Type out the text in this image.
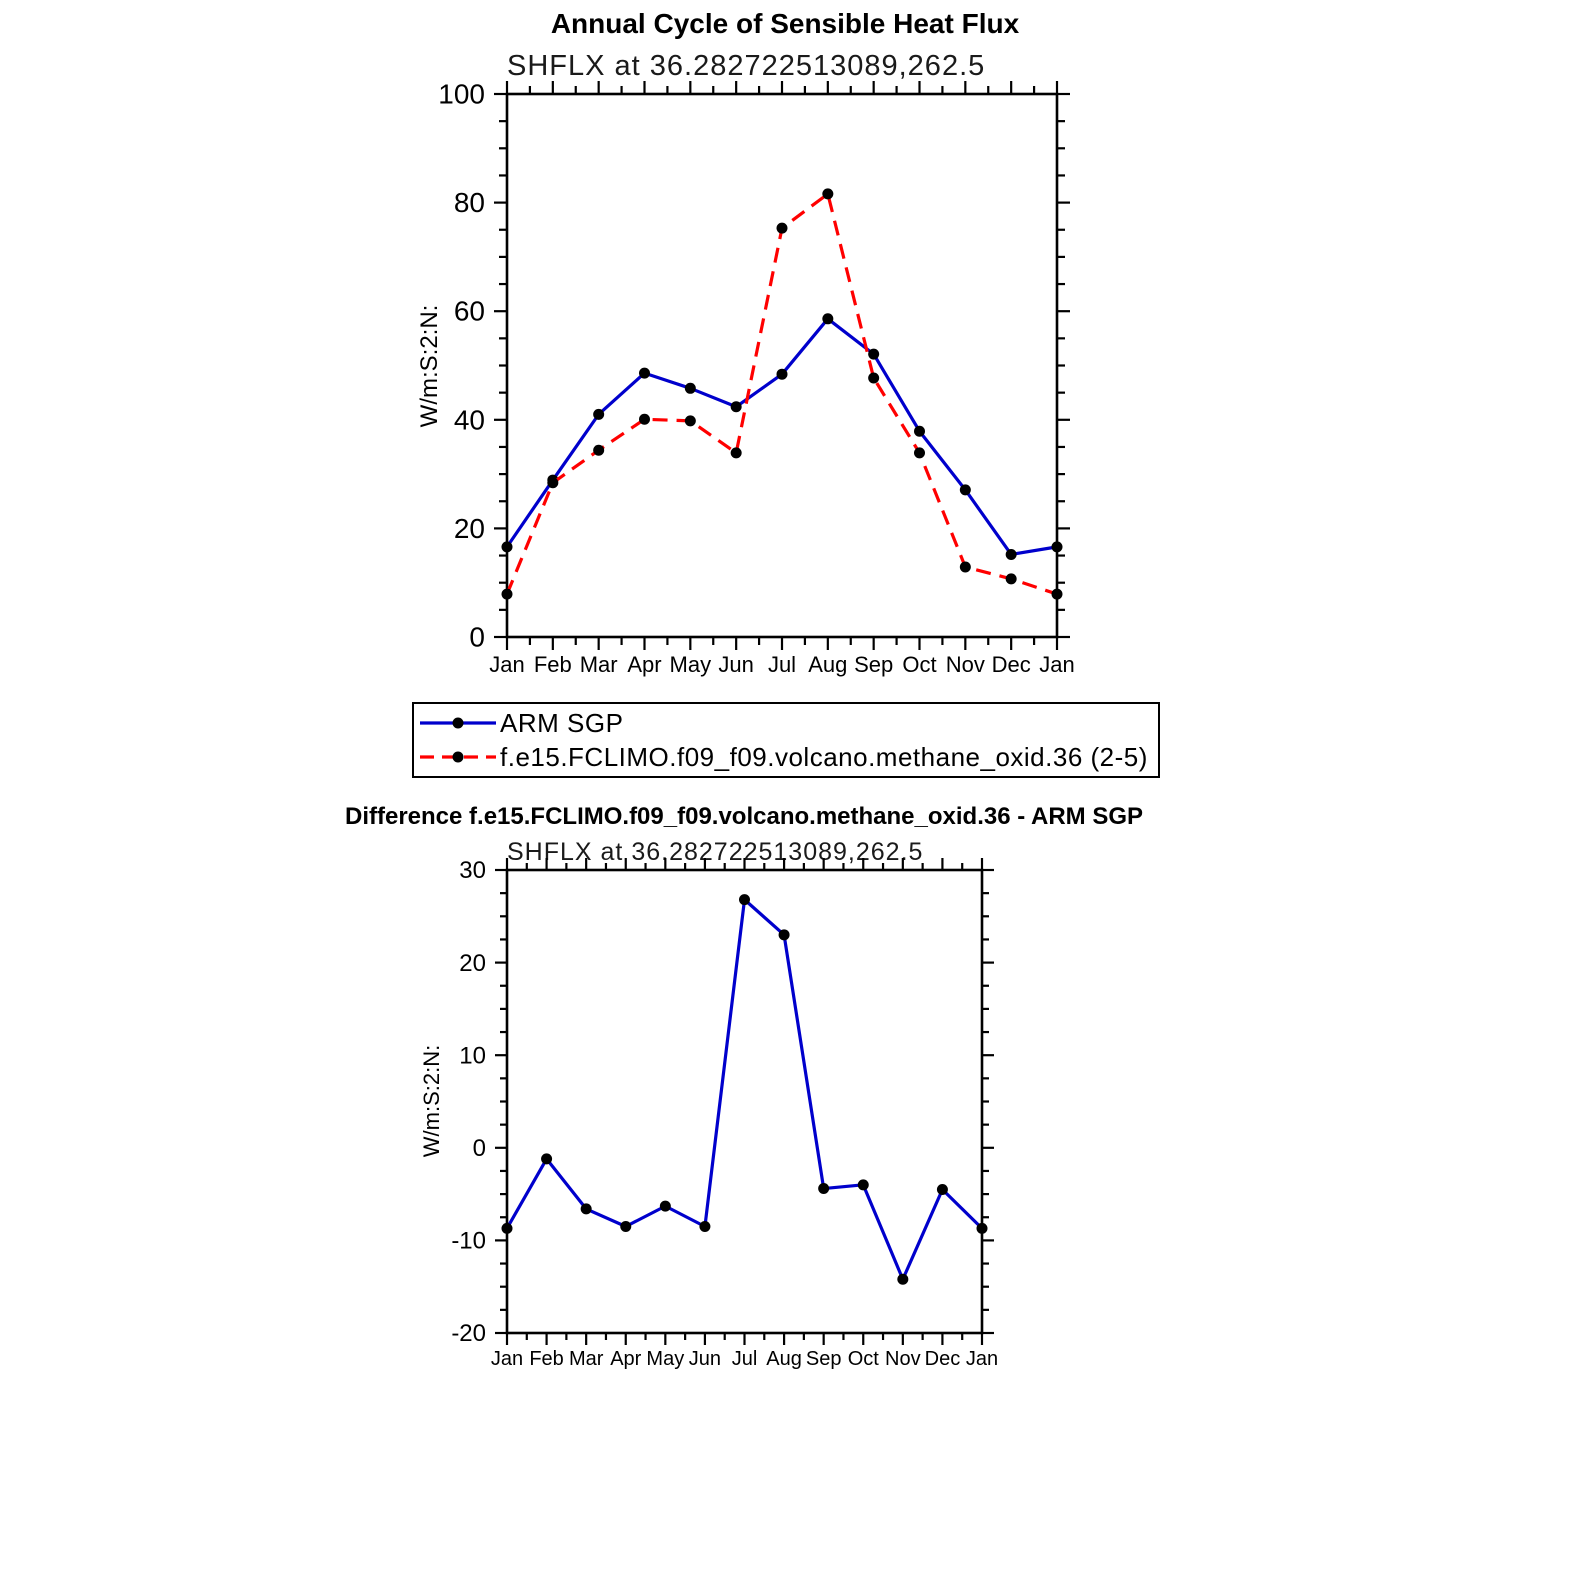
Annual Cycle of Sensible Heat Flux
SHFLX at 36.282722513089,262.5
W/m:S:2:N:
0
20
40
60
80
100
Jan Feb Mar Apr May Jun Jul Aug Sep Oct Nov Dec Jan
ARM SGP
f.e15.FCLIMO.f09_f09.volcano.methane_oxid.36 (2-5)
Difference f.e15.FCLIMO.f09_f09.volcano.methane_oxid.36 - ARM SGP
SHFLX at 36.282722513089,262.5
W/m:S:2:N:
-20
-10
0
10
20
30
Jan Feb Mar Apr May Jun Jul Aug Sep Oct Nov Dec Jan
